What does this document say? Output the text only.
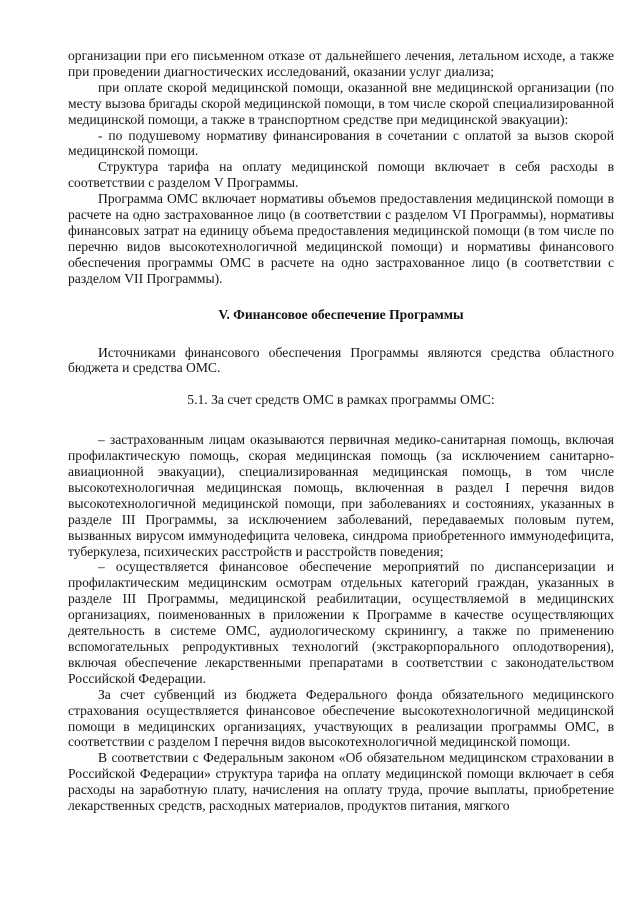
организации при его письменном отказе от дальнейшего лечения, летальном исходе, а также при проведении диагностических исследований, оказании услуг диализа;

при оплате скорой медицинской помощи, оказанной вне медицинской организации (по месту вызова бригады скорой медицинской помощи, в том числе скорой специализированной медицинской помощи, а также в транспортном средстве при медицинской эвакуации):

- по подушевому нормативу финансирования в сочетании с оплатой за вызов скорой медицинской помощи.

Структура тарифа на оплату медицинской помощи включает в себя расходы в соответствии с разделом V Программы.

Программа ОМС включает нормативы объемов предоставления медицинской помощи в расчете на одно застрахованное лицо (в соответствии с разделом VI Программы), нормативы финансовых затрат на единицу объема предоставления медицинской помощи (в том числе по перечню видов высокотехнологичной медицинской помощи) и нормативы финансового обеспечения программы ОМС в расчете на одно застрахованное лицо (в соответствии с разделом VII Программы).

V. Финансовое обеспечение Программы

Источниками финансового обеспечения Программы являются средства областного бюджета и средства ОМС.

5.1. За счет средств ОМС в рамках программы ОМС:

– застрахованным лицам оказываются первичная медико-санитарная помощь, включая профилактическую помощь, скорая медицинская помощь (за исключением санитарно-авиационной эвакуации), специализированная медицинская помощь, в том числе высокотехнологичная медицинская помощь, включенная в раздел I перечня видов высокотехнологичной медицинской помощи, при заболеваниях и состояниях, указанных в разделе III Программы, за исключением заболеваний, передаваемых половым путем, вызванных вирусом иммунодефицита человека, синдрома приобретенного иммунодефицита, туберкулеза, психических расстройств и расстройств поведения;

– осуществляется финансовое обеспечение мероприятий по диспансеризации и профилактическим медицинским осмотрам отдельных категорий граждан, указанных в разделе III Программы, медицинской реабилитации, осуществляемой в медицинских организациях, поименованных в приложении к Программе в качестве осуществляющих деятельность в системе ОМС, аудиологическому скринингу, а также по применению вспомогательных репродуктивных технологий (экстракорпорального оплодотворения), включая обеспечение лекарственными препаратами в соответствии с законодательством Российской Федерации.

За счет субвенций из бюджета Федерального фонда обязательного медицинского страхования осуществляется финансовое обеспечение высокотехнологичной медицинской помощи в медицинских организациях, участвующих в реализации программы ОМС, в соответствии с разделом I перечня видов высокотехнологичной медицинской помощи.

В соответствии с Федеральным законом «Об обязательном медицинском страховании в Российской Федерации» структура тарифа на оплату медицинской помощи включает в себя расходы на заработную плату, начисления на оплату труда, прочие выплаты, приобретение лекарственных средств, расходных материалов, продуктов питания, мягкого
